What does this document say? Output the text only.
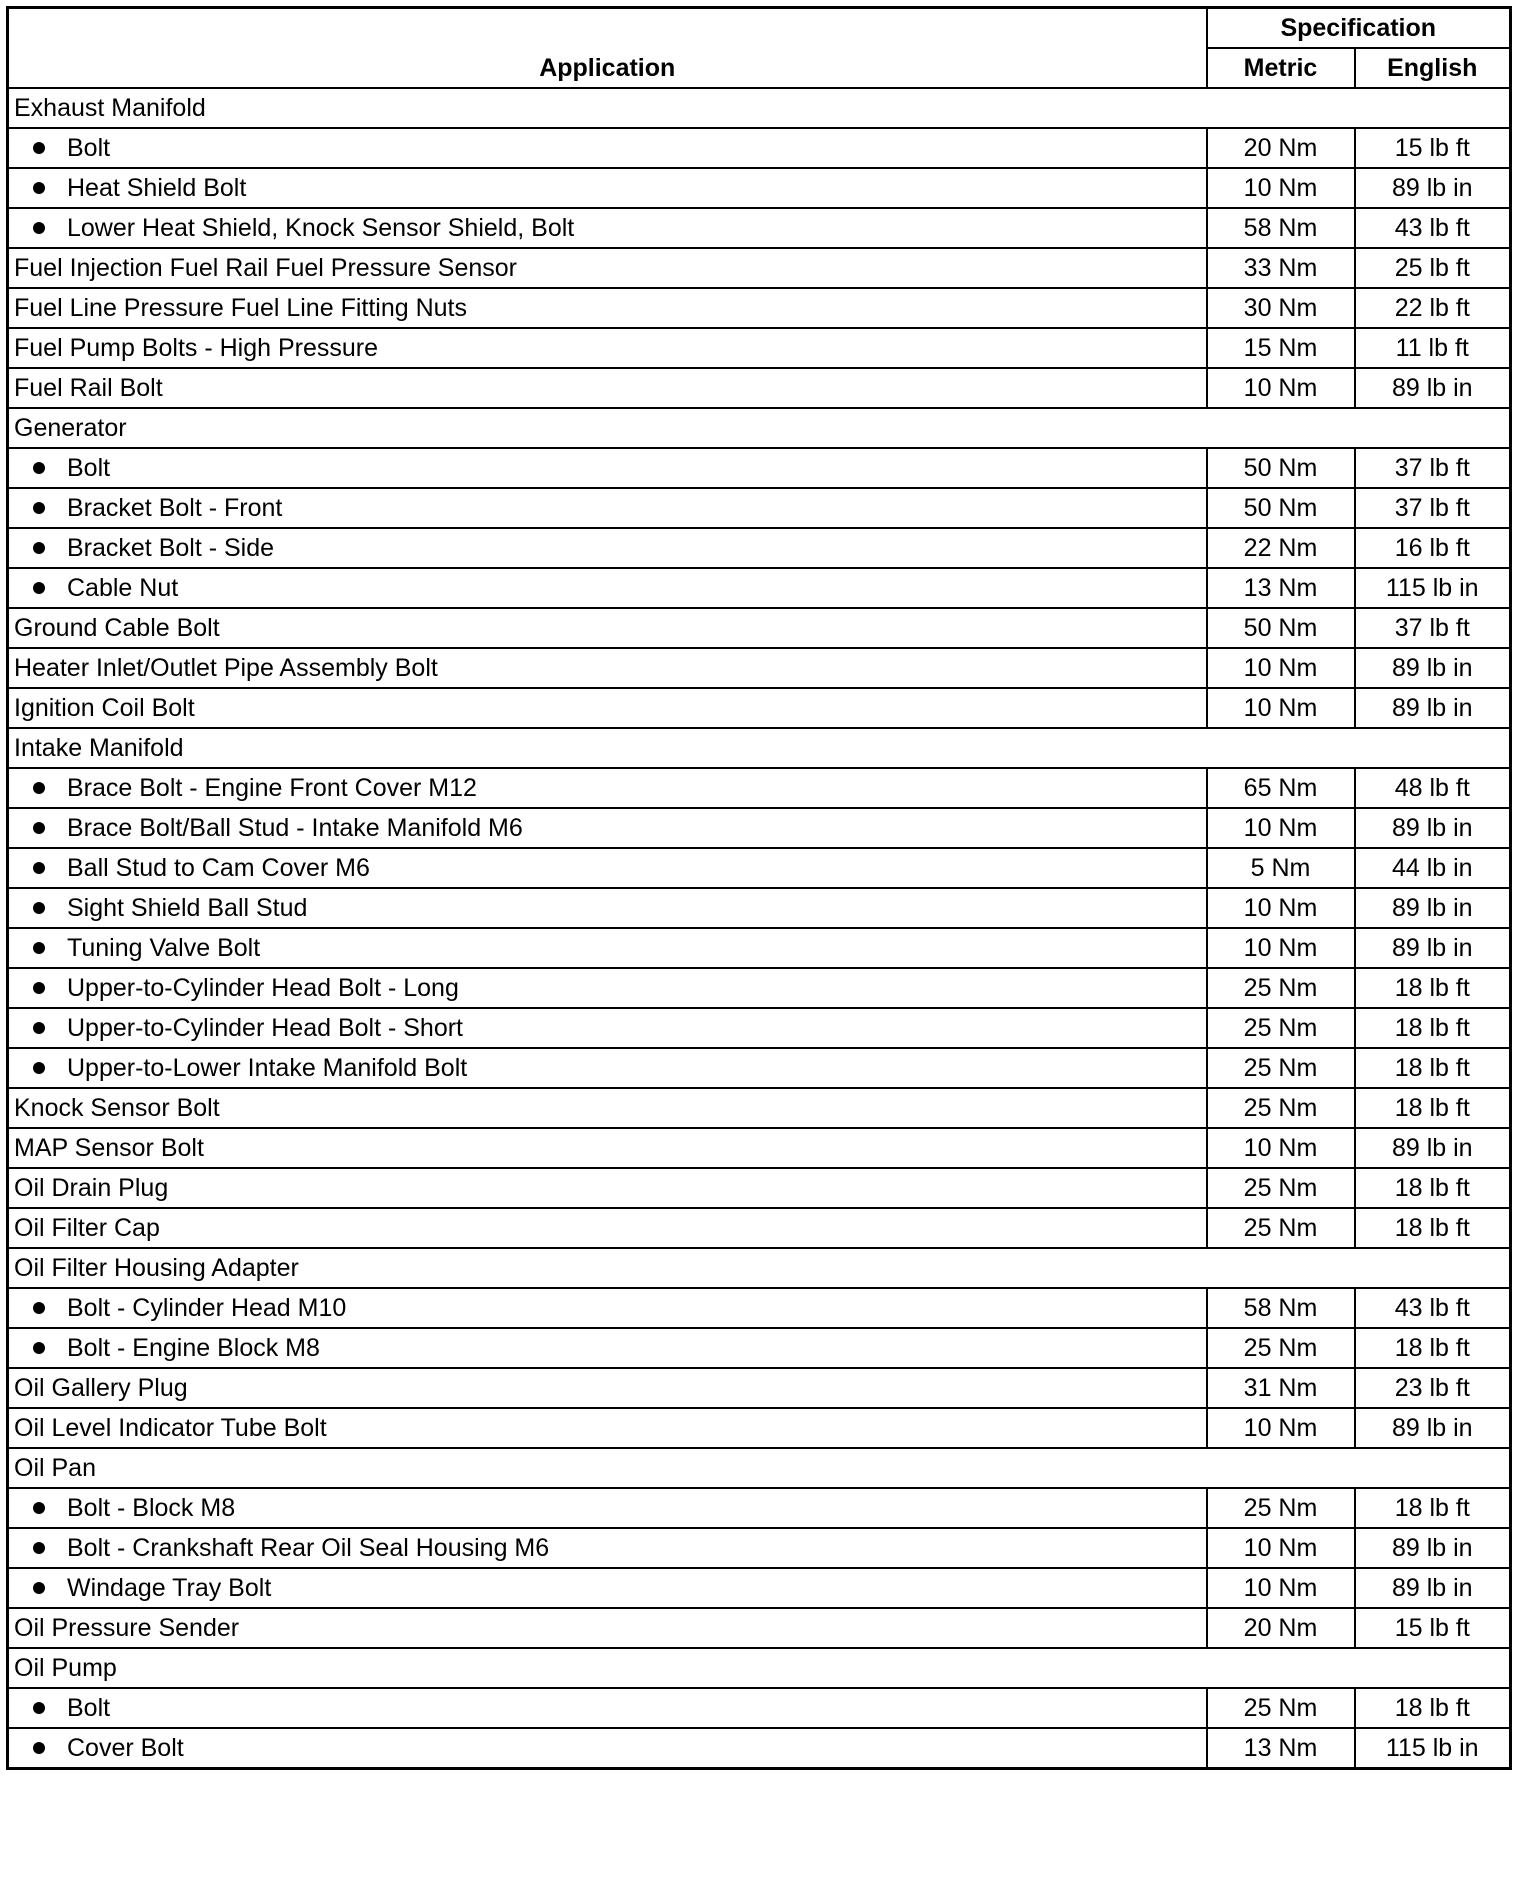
Application	Specification	
	Metric	English
Exhaust Manifold		

Bolt	20 Nm	15 lb ft

Heat Shield Bolt	10 Nm	89 lb in

Lower Heat Shield, Knock Sensor Shield, Bolt	58 Nm	43 lb ft
Fuel Injection Fuel Rail Fuel Pressure Sensor	33 Nm	25 lb ft
Fuel Line Pressure Fuel Line Fitting Nuts	30 Nm	22 lb ft
Fuel Pump Bolts - High Pressure	15 Nm	11 lb ft
Fuel Rail Bolt	10 Nm	89 lb in
Generator		

Bolt	50 Nm	37 lb ft

Bracket Bolt - Front	50 Nm	37 lb ft

Bracket Bolt - Side	22 Nm	16 lb ft

Cable Nut	13 Nm	115 lb in
Ground Cable Bolt	50 Nm	37 lb ft
Heater Inlet/Outlet Pipe Assembly Bolt	10 Nm	89 lb in
Ignition Coil Bolt	10 Nm	89 lb in
Intake Manifold		

Brace Bolt - Engine Front Cover M12	65 Nm	48 lb ft

Brace Bolt/Ball Stud - Intake Manifold M6	10 Nm	89 lb in

Ball Stud to Cam Cover M6	5 Nm	44 lb in

Sight Shield Ball Stud	10 Nm	89 lb in

Tuning Valve Bolt	10 Nm	89 lb in

Upper-to-Cylinder Head Bolt - Long	25 Nm	18 lb ft

Upper-to-Cylinder Head Bolt - Short	25 Nm	18 lb ft

Upper-to-Lower Intake Manifold Bolt	25 Nm	18 lb ft
Knock Sensor Bolt	25 Nm	18 lb ft
MAP Sensor Bolt	10 Nm	89 lb in
Oil Drain Plug	25 Nm	18 lb ft
Oil Filter Cap	25 Nm	18 lb ft
Oil Filter Housing Adapter		

Bolt - Cylinder Head M10	58 Nm	43 lb ft

Bolt - Engine Block M8	25 Nm	18 lb ft
Oil Gallery Plug	31 Nm	23 lb ft
Oil Level Indicator Tube Bolt	10 Nm	89 lb in
Oil Pan		

Bolt - Block M8	25 Nm	18 lb ft

Bolt - Crankshaft Rear Oil Seal Housing M6	10 Nm	89 lb in

Windage Tray Bolt	10 Nm	89 lb in
Oil Pressure Sender	20 Nm	15 lb ft
Oil Pump		

Bolt	25 Nm	18 lb ft

Cover Bolt	13 Nm	115 lb in
